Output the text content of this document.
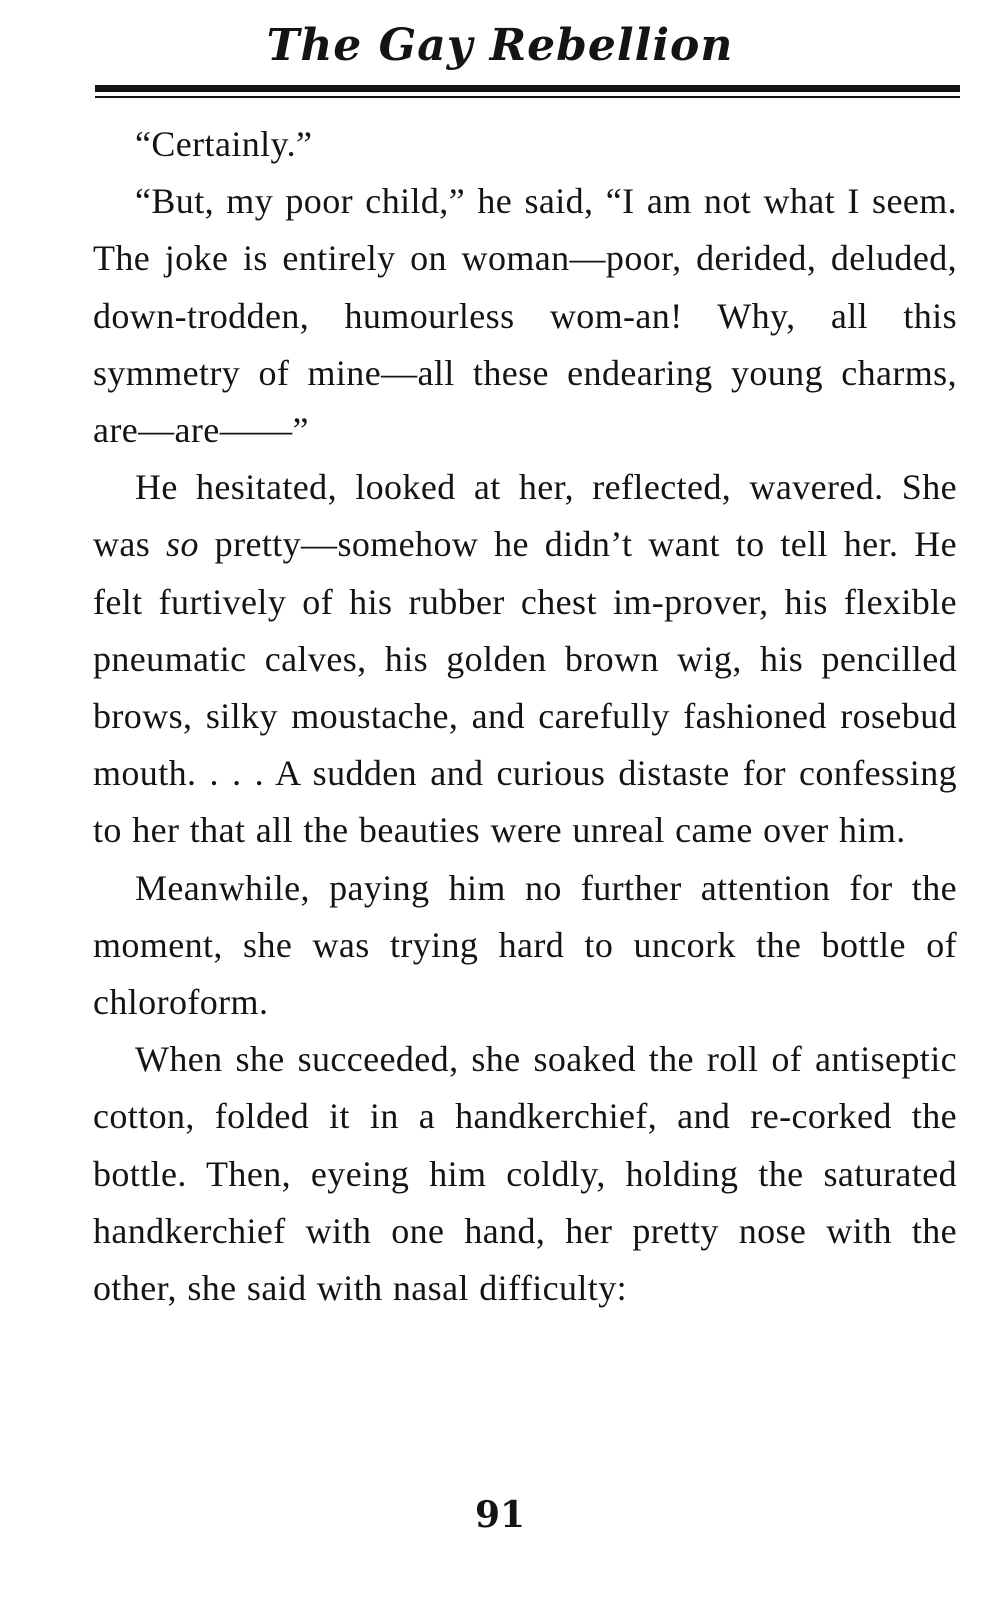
The Gay Rebellion

“Certainly.”

“But, my poor child,” he said, “I am not what I seem. The joke is entirely on woman—poor, derided, deluded, down-trodden, humourless wom-an! Why, all this symmetry of mine—all these endearing young charms, are—are——”

He hesitated, looked at her, reflected, wavered. She was so pretty—somehow he didn’t want to tell her. He felt furtively of his rubber chest im-prover, his flexible pneumatic calves, his golden brown wig, his pencilled brows, silky moustache, and carefully fashioned rosebud mouth. . . . A sudden and curious distaste for confessing to her that all the beauties were unreal came over him.

Meanwhile, paying him no further attention for the moment, she was trying hard to uncork the bottle of chloroform.

When she succeeded, she soaked the roll of antiseptic cotton, folded it in a handkerchief, and re-corked the bottle. Then, eyeing him coldly, holding the saturated handkerchief with one hand, her pretty nose with the other, she said with nasal difficulty:

91
